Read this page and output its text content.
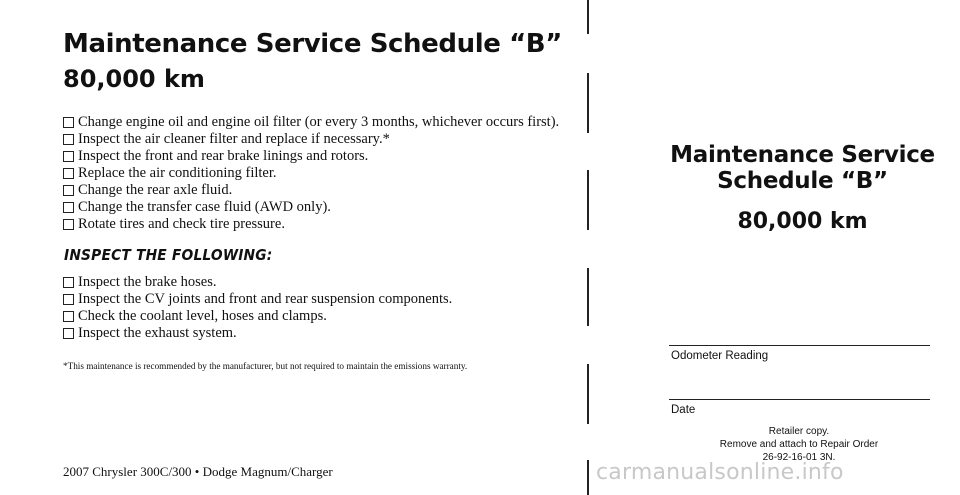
Maintenance Service Schedule “B”
80,000 km
Change engine oil and engine oil filter (or every 3 months, whichever occurs first).
Inspect the air cleaner filter and replace if necessary.*
Inspect the front and rear brake linings and rotors.
Replace the air conditioning filter.
Change the rear axle fluid.
Change the transfer case fluid (AWD only).
Rotate tires and check tire pressure.
INSPECT THE FOLLOWING:
Inspect the brake hoses.
Inspect the CV joints and front and rear suspension components.
Check the coolant level, hoses and clamps.
Inspect the exhaust system.
*This maintenance is recommended by the manufacturer, but not required to maintain the emissions warranty.
2007 Chrysler 300C/300 • Dodge Magnum/Charger
Maintenance Service
Schedule “B”
80,000 km
Odometer Reading
Date
Retailer copy.
Remove and attach to Repair Order
26-92-16-01 3N.
carmanualsonline.info
